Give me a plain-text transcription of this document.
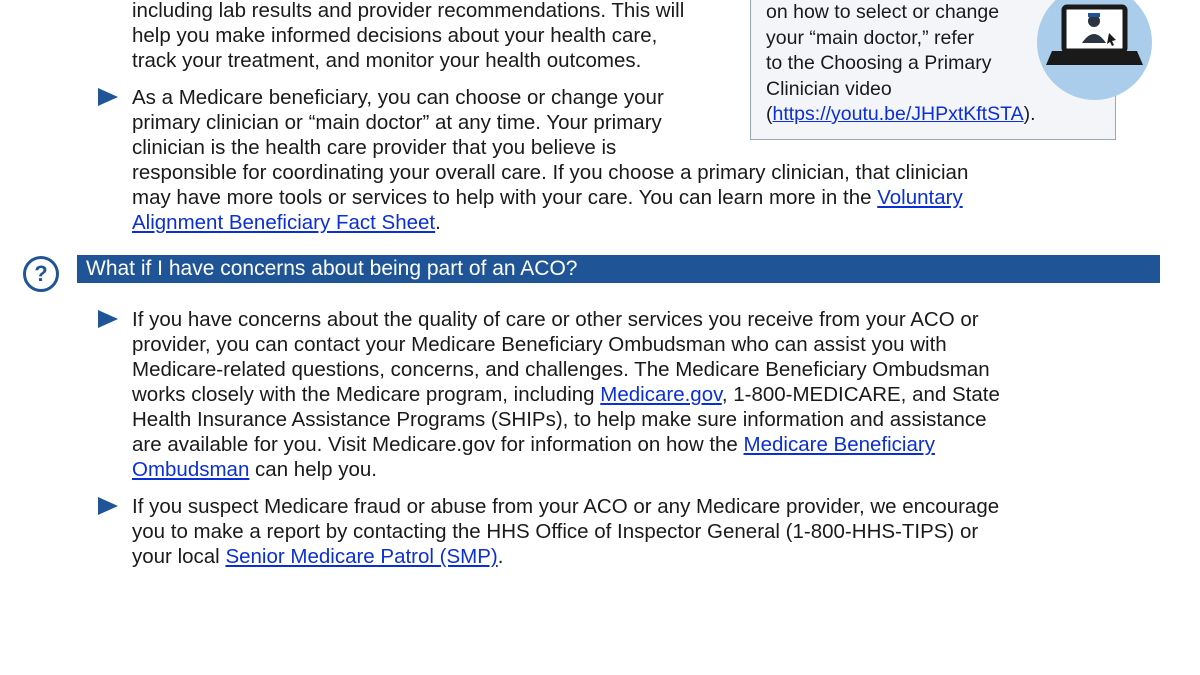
including lab results and provider recommendations. This will
help you make informed decisions about your health care,
track your treatment, and monitor your health outcomes.
on how to select or change
your “main doctor,” refer
to the Choosing a Primary
Clinician video
(https://youtu.be/JHPxtKftSTA).
As a Medicare beneficiary, you can choose or change your
primary clinician or “main doctor” at any time. Your primary
clinician is the health care provider that you believe is
responsible for coordinating your overall care. If you choose a primary clinician, that clinician
may have more tools or services to help with your care. You can learn more in the Voluntary
Alignment Beneficiary Fact Sheet.
?	What if I have concerns about being part of an ACO?
If you have concerns about the quality of care or other services you receive from your ACO or
provider, you can contact your Medicare Beneficiary Ombudsman who can assist you with
Medicare-related questions, concerns, and challenges. The Medicare Beneficiary Ombudsman
works closely with the Medicare program, including Medicare.gov, 1-800-MEDICARE, and State
Health Insurance Assistance Programs (SHIPs), to help make sure information and assistance
are available for you. Visit Medicare.gov for information on how the Medicare Beneficiary
Ombudsman can help you.
If you suspect Medicare fraud or abuse from your ACO or any Medicare provider, we encourage
you to make a report by contacting the HHS Office of Inspector General (1-800-HHS-TIPS) or
your local Senior Medicare Patrol (SMP).
